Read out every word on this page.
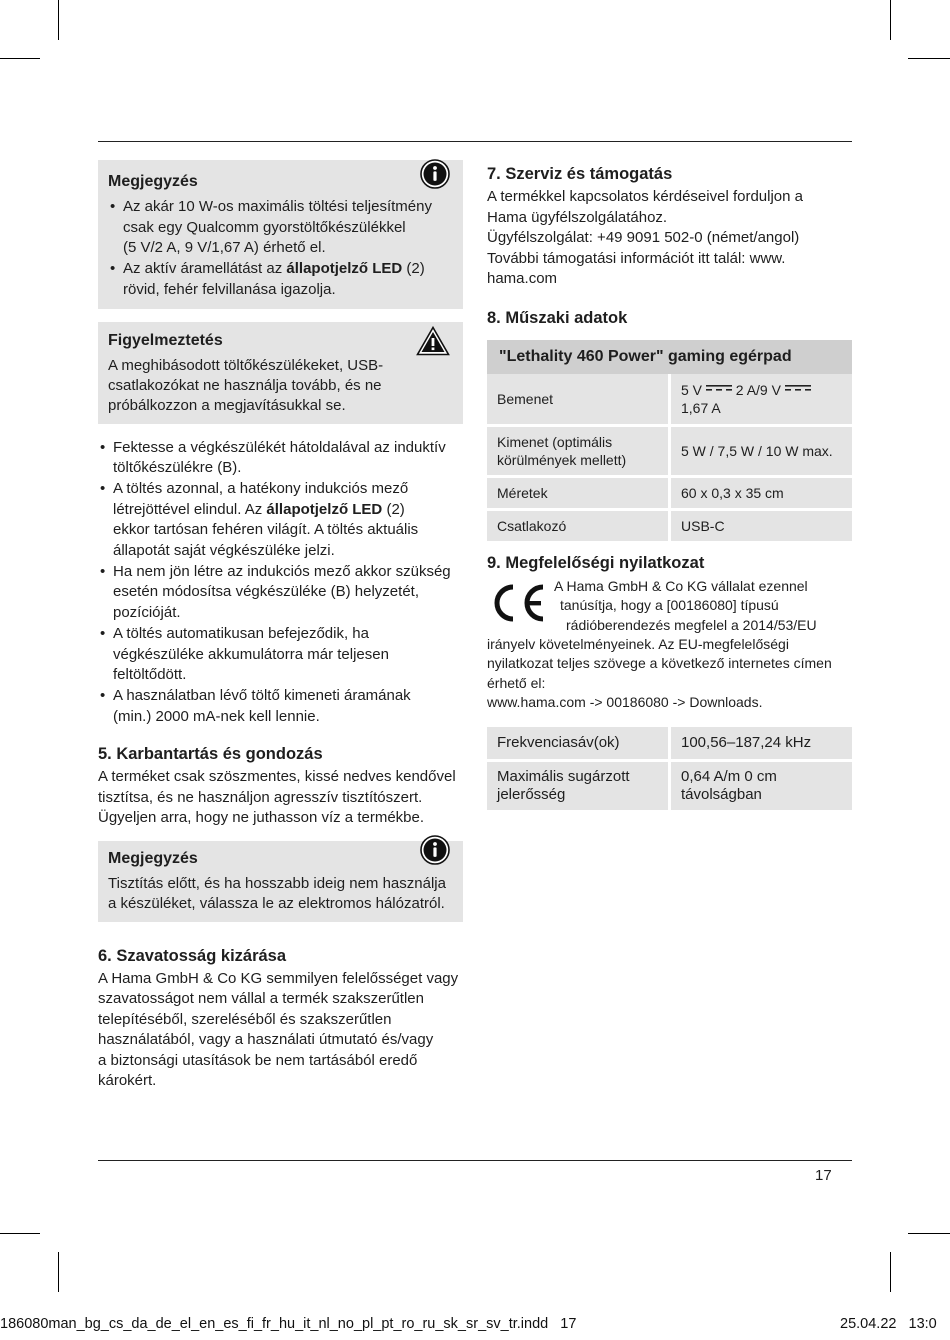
Megjegyzés
• Az akár 10 W-os maximális töltési teljesítmény
csak egy Qualcomm gyorstöltőkészülékkel
(5 V/2 A, 9 V/1,67 A) érhető el.
• Az aktív áramellátást az állapotjelző LED (2)
rövid, fehér felvillanása igazolja.
Figyelmeztetés

A meghibásodott töltőkészülékeket, USB-
csatlakozókat ne használja tovább, és ne
próbálkozzon a megjavításukkal se.

• Fektesse a végkészülékét hátoldalával az induktív
töltőkészülékre (B).
• A töltés azonnal, a hatékony indukciós mező
létrejöttével elindul. Az állapotjelző LED (2)
ekkor tartósan fehéren világít. A töltés aktuális
állapotát saját végkészüléke jelzi.
• Ha nem jön létre az indukciós mező akkor szükség
esetén módosítsa végkészüléke (B) helyzetét,
pozícióját.
• A töltés automatikusan befejeződik, ha
végkészüléke akkumulátorra már teljesen
feltöltődött.
• A használatban lévő töltő kimeneti áramának
(min.) 2000 mA-nek kell lennie.
5. Karbantartás és gondozás

A terméket csak szöszmentes, kissé nedves kendővel
tisztítsa, és ne használjon agresszív tisztítószert.
Ügyeljen arra, hogy ne juthasson víz a termékbe.

Megjegyzés

Tisztítás előtt, és ha hosszabb ideig nem használja
a készüléket, válassza le az elektromos hálózatról.

6. Szavatosság kizárása

A Hama GmbH & Co KG semmilyen felelősséget vagy
szavatosságot nem vállal a termék szakszerűtlen
telepítéséből, szereléséből és szakszerűtlen
használatából, vagy a használati útmutató és/vagy
a biztonsági utasítások be nem tartásából eredő
károkért.

7. Szerviz és támogatás

A termékkel kapcsolatos kérdéseivel forduljon a
Hama ügyfélszolgálatához.
Ügyfélszolgálat: +49 9091 502-0 (német/angol)
További támogatási információt itt talál: www.
hama.com

8. Műszaki adatok
"Lethality 460 Power" gaming egérpad
Bemenet	5 V  2 A/9 V
1,67 A
Kimenet (optimális
körülmények mellett)	5 W / 7,5 W / 10 W max.
Méretek	60 x 0,3 x 35 cm
Csatlakozó	USB-C
9. Megfelelőségi nyilatkozat
A Hama GmbH & Co KG vállalat ezennel
tanúsítja, hogy a [00186080] típusú
rádióberendezés megfelel a 2014/53/EU

irányelv követelményeinek. Az EU-megfelelőségi
nyilatkozat teljes szövege a következő internetes címen
érhető el:
www.hama.com -> 00186080 -> Downloads.

Frekvenciasáv(ok)	100,56–187,24 kHz
Maximális sugárzott
jelerősség	0,64 A/m 0 cm
távolságban
17
186080man_bg_cs_da_de_el_en_es_fi_fr_hu_it_nl_no_pl_pt_ro_ru_sk_sr_sv_tr.indd   17	25.04.22   13:0
